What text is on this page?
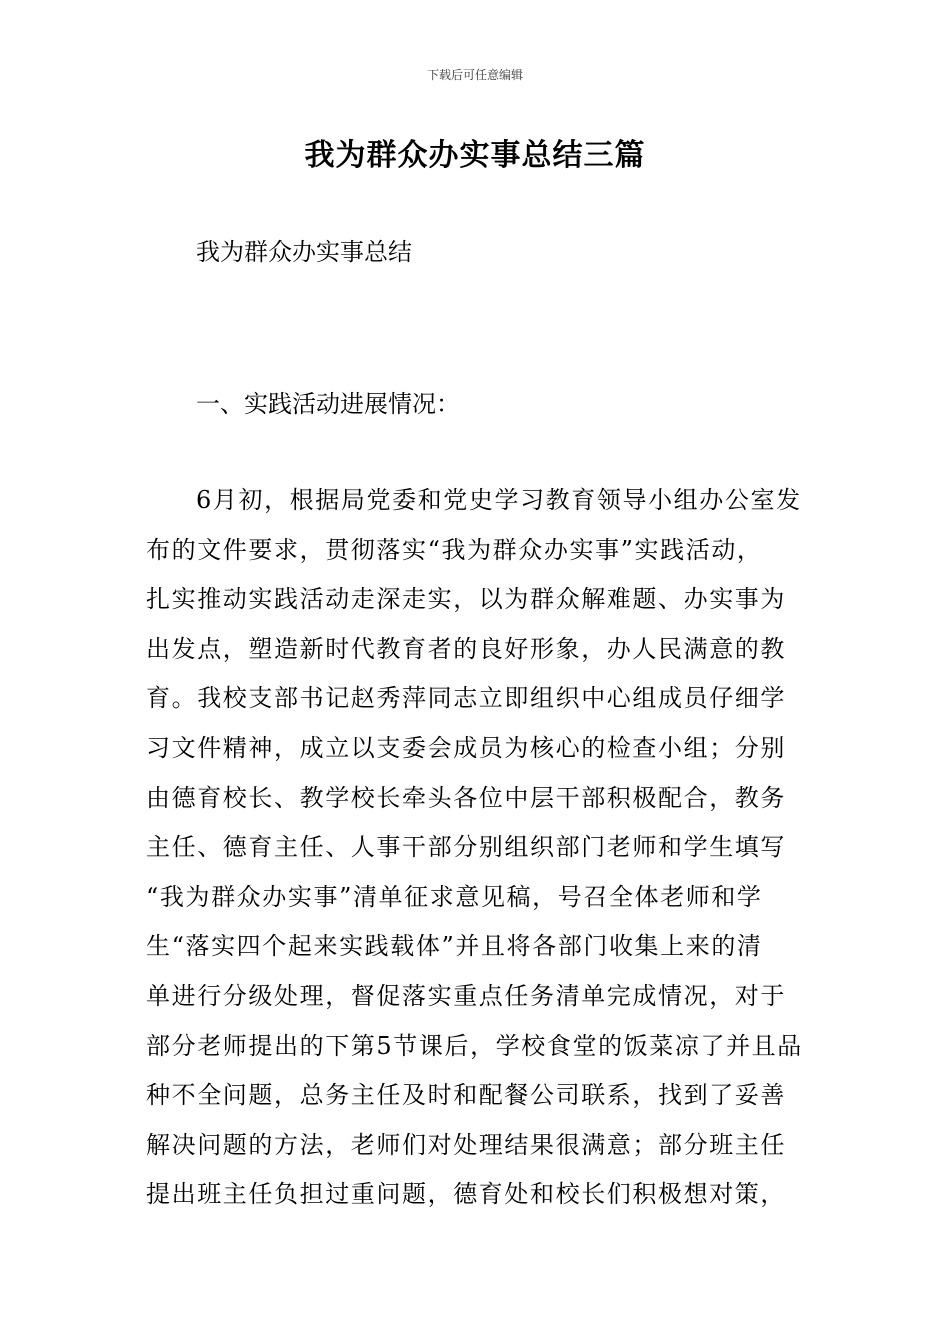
下载后可任意编辑
我为群众办实事总结三篇
我为群众办实事总结
一、实践活动进展情况：
6月初，根据局党委和党史学习教育领导小组办公室发
布的文件要求，贯彻落实“我为群众办实事”实践活动，
扎实推动实践活动走深走实，以为群众解难题、办实事为
出发点，塑造新时代教育者的良好形象，办人民满意的教
育。我校支部书记赵秀萍同志立即组织中心组成员仔细学
习文件精神，成立以支委会成员为核心的检查小组；分别
由德育校长、教学校长牵头各位中层干部积极配合，教务
主任、德育主任、人事干部分别组织部门老师和学生填写
“我为群众办实事”清单征求意见稿，号召全体老师和学
生“落实四个起来实践载体”并且将各部门收集上来的清
单进行分级处理，督促落实重点任务清单完成情况，对于
部分老师提出的下第5节课后，学校食堂的饭菜凉了并且品
种不全问题，总务主任及时和配餐公司联系，找到了妥善
解决问题的方法，老师们对处理结果很满意；部分班主任
提出班主任负担过重问题，德育处和校长们积极想对策，
